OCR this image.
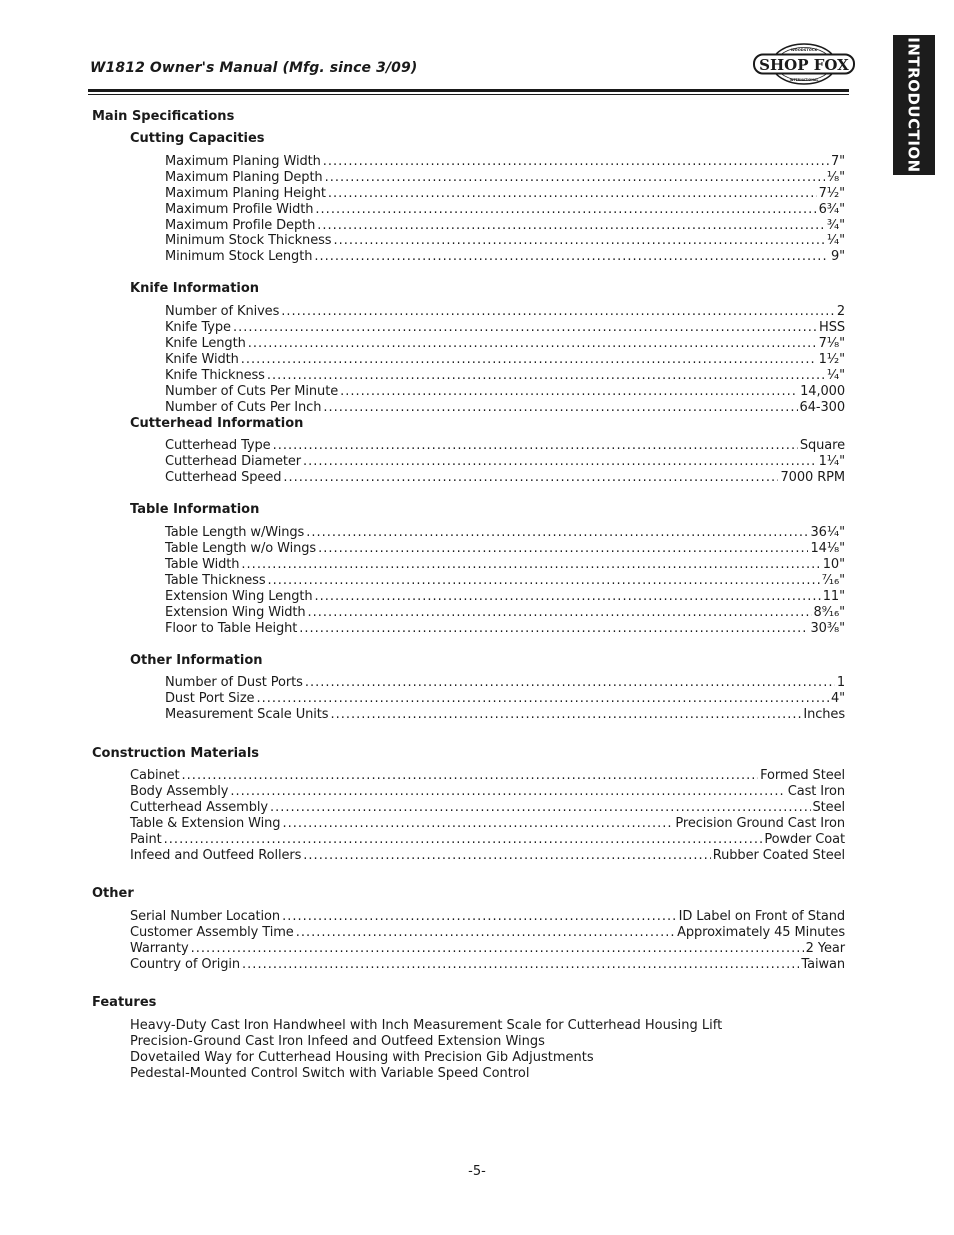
W1812 Owner's Manual (Mfg. since 3/09)
WOODSTOCK
INTERNATIONAL
SHOP FOX	INTRODUCTION
Main Specifications
Cutting Capacities
Maximum Planing Width .....	7"
Maximum Planing Depth .....	¹⁄₈"
Maximum Planing Height .....	7¹⁄₂"
Maximum Profile Width .....	6³⁄₄"
Maximum Profile Depth .....	³⁄₄"
Minimum Stock Thickness .....	¹⁄₄"
Minimum Stock Length .....	9"
Knife Information
Number of Knives .....	2
Knife Type .....	HSS
Knife Length .....	7¹⁄₈"
Knife Width .....	1¹⁄₂"
Knife Thickness .....	¹⁄₄"
Number of Cuts Per Minute .....	14,000
Number of Cuts Per Inch .....	64-300
Cutterhead Information
Cutterhead Type .....	Square
Cutterhead Diameter .....	1¹⁄₄"
Cutterhead Speed .....	7000 RPM
Table Information
Table Length w/Wings .....	36¹⁄₄"
Table Length w/o Wings .....	14¹⁄₈"
Table Width .....	10"
Table Thickness .....	⁷⁄₁₆"
Extension Wing Length .....	11"
Extension Wing Width .....	8⁹⁄₁₆"
Floor to Table Height .....	30³⁄₈"
Other Information
Number of Dust Ports .....	1
Dust Port Size .....	4"
Measurement Scale Units .....	Inches
Construction Materials
Cabinet .....	Formed Steel
Body Assembly .....	Cast Iron
Cutterhead Assembly .....	Steel
Table & Extension Wing .....	Precision Ground Cast Iron
Paint .....	Powder Coat
Infeed and Outfeed Rollers .....	Rubber Coated Steel
Other
Serial Number Location .....	ID Label on Front of Stand
Customer Assembly Time .....	Approximately 45 Minutes
Warranty .....	2 Year
Country of Origin .....	Taiwan
Features
Heavy-Duty Cast Iron Handwheel with Inch Measurement Scale for Cutterhead Housing Lift
Precision-Ground Cast Iron Infeed and Outfeed Extension Wings
Dovetailed Way for Cutterhead Housing with Precision Gib Adjustments
Pedestal-Mounted Control Switch with Variable Speed Control
-5-
